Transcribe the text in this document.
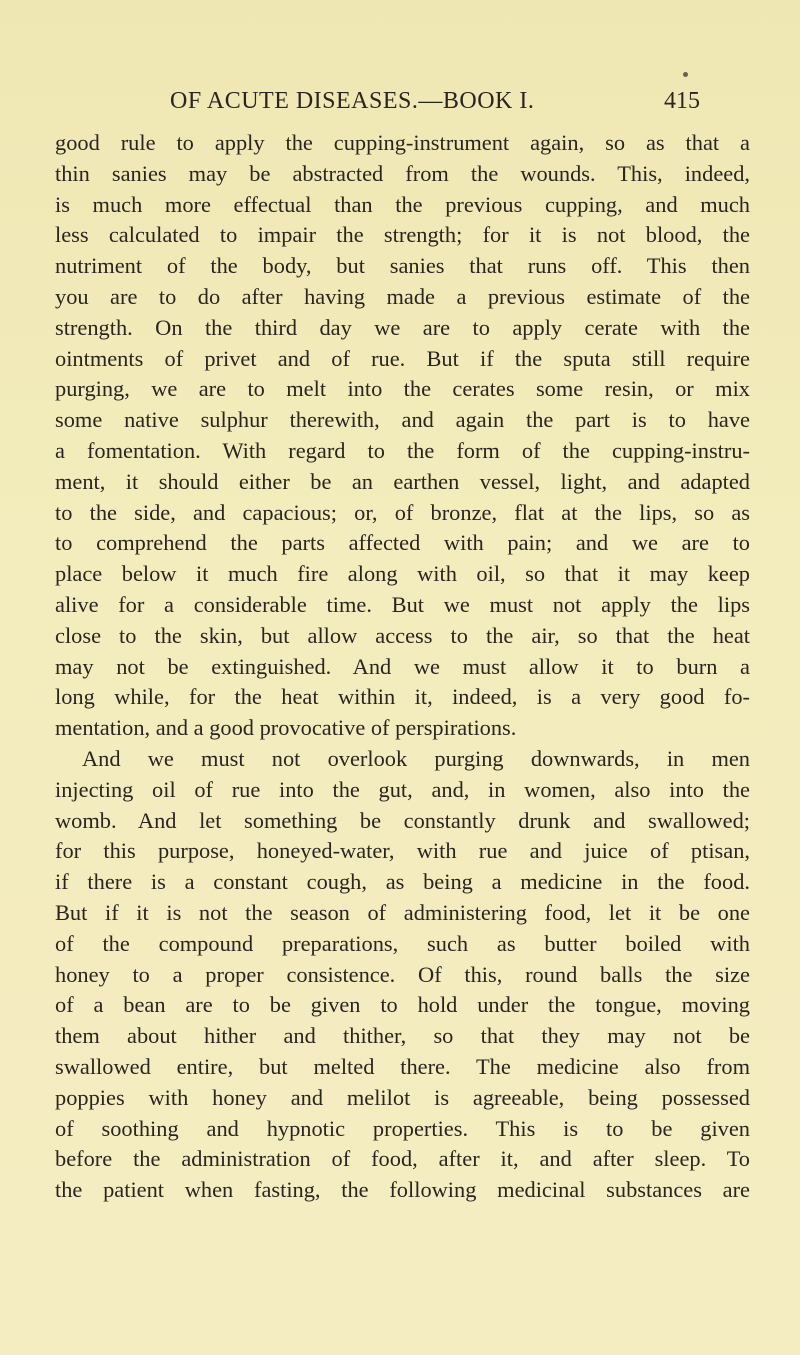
OF ACUTE DISEASES.—BOOK I.	415
good rule to apply the cupping-instrument again, so as that a
thin sanies may be abstracted from the wounds. This, indeed,
is much more effectual than the previous cupping, and much
less calculated to impair the strength; for it is not blood, the
nutriment of the body, but sanies that runs off. This then
you are to do after having made a previous estimate of the
strength. On the third day we are to apply cerate with the
ointments of privet and of rue. But if the sputa still require
purging, we are to melt into the cerates some resin, or mix
some native sulphur therewith, and again the part is to have
a fomentation. With regard to the form of the cupping-instru-
ment, it should either be an earthen vessel, light, and adapted
to the side, and capacious; or, of bronze, flat at the lips, so as
to comprehend the parts affected with pain; and we are to
place below it much fire along with oil, so that it may keep
alive for a considerable time. But we must not apply the lips
close to the skin, but allow access to the air, so that the heat
may not be extinguished. And we must allow it to burn a
long while, for the heat within it, indeed, is a very good fo-
mentation, and a good provocative of perspirations.
And we must not overlook purging downwards, in men
injecting oil of rue into the gut, and, in women, also into the
womb. And let something be constantly drunk and swallowed;
for this purpose, honeyed-water, with rue and juice of ptisan,
if there is a constant cough, as being a medicine in the food.
But if it is not the season of administering food, let it be one
of the compound preparations, such as butter boiled with
honey to a proper consistence. Of this, round balls the size
of a bean are to be given to hold under the tongue, moving
them about hither and thither, so that they may not be
swallowed entire, but melted there. The medicine also from
poppies with honey and melilot is agreeable, being possessed
of soothing and hypnotic properties. This is to be given
before the administration of food, after it, and after sleep. To
the patient when fasting, the following medicinal substances are
